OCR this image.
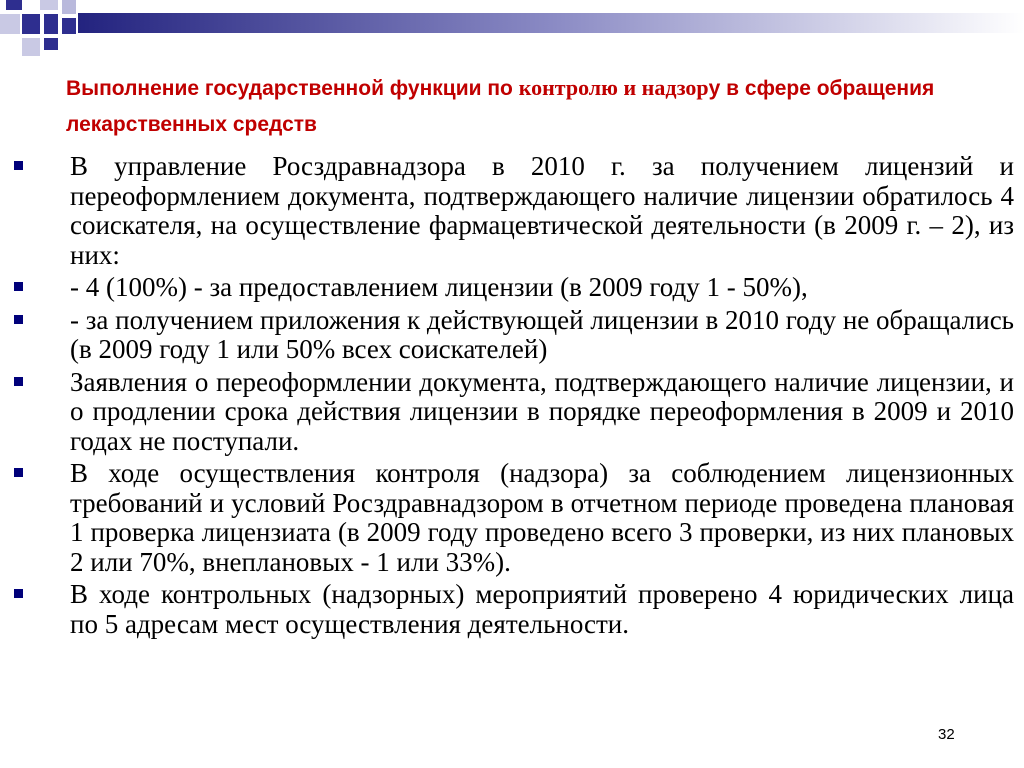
Выполнение государственной функции по контролю и надзору в сфере обращения лекарственных средств
В управление Росздравнадзора в 2010 г. за получением лицензий и переоформлением документа, подтверждающего наличие лицензии обратилось 4 соискателя, на осуществление фармацевтической деятельности (в 2009 г. – 2), из них:
- 4 (100%) - за предоставлением лицензии (в 2009 году 1 - 50%),
- за получением приложения к действующей лицензии в 2010 году не обращались (в 2009 году 1 или 50% всех соискателей)
Заявления о переоформлении документа, подтверждающего наличие лицензии, и о продлении срока действия лицензии в порядке переоформления в 2009 и 2010 годах не поступали.
В ходе осуществления контроля (надзора) за соблюдением лицензионных требований и условий Росздравнадзором в отчетном периоде проведена плановая 1 проверка лицензиата (в 2009 году проведено всего 3 проверки, из них плановых 2 или 70%, внеплановых - 1 или 33%).
В ходе контрольных (надзорных) мероприятий проверено 4 юридических лица по 5 адресам мест осуществления деятельности.
32
